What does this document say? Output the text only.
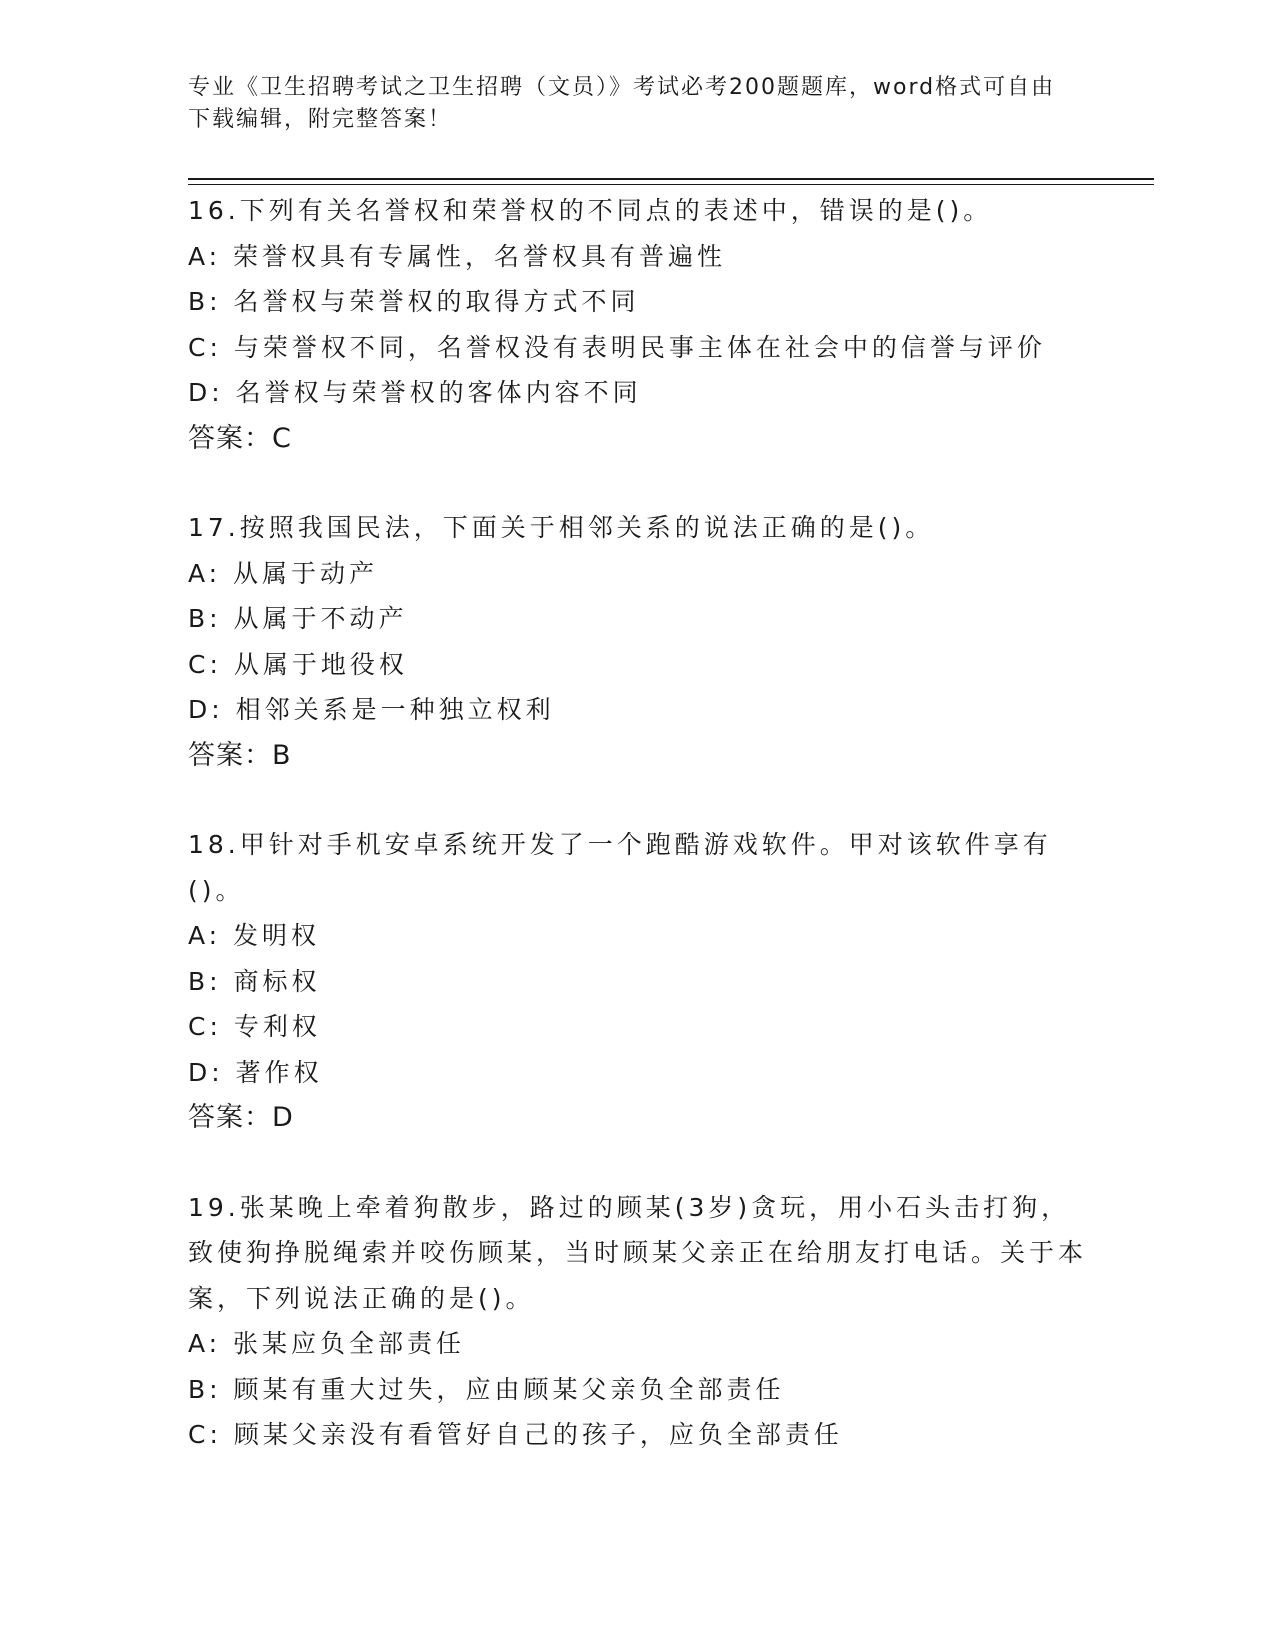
专业《卫生招聘考试之卫生招聘（文员）》考试必考200题题库，word格式可自由下载编辑，附完整答案！
16.下列有关名誉权和荣誉权的不同点的表述中，错误的是()。
A: 荣誉权具有专属性，名誉权具有普遍性
B: 名誉权与荣誉权的取得方式不同
C: 与荣誉权不同，名誉权没有表明民事主体在社会中的信誉与评价
D: 名誉权与荣誉权的客体内容不同
答案：C
17.按照我国民法，下面关于相邻关系的说法正确的是()。
A: 从属于动产
B: 从属于不动产
C: 从属于地役权
D: 相邻关系是一种独立权利
答案：B
18.甲针对手机安卓系统开发了一个跑酷游戏软件。甲对该软件享有()。
A: 发明权
B: 商标权
C: 专利权
D: 著作权
答案：D
19.张某晚上牵着狗散步，路过的顾某(3岁)贪玩，用小石头击打狗，致使狗挣脱绳索并咬伤顾某，当时顾某父亲正在给朋友打电话。关于本案，下列说法正确的是()。
A: 张某应负全部责任
B: 顾某有重大过失，应由顾某父亲负全部责任
C: 顾某父亲没有看管好自己的孩子，应负全部责任
